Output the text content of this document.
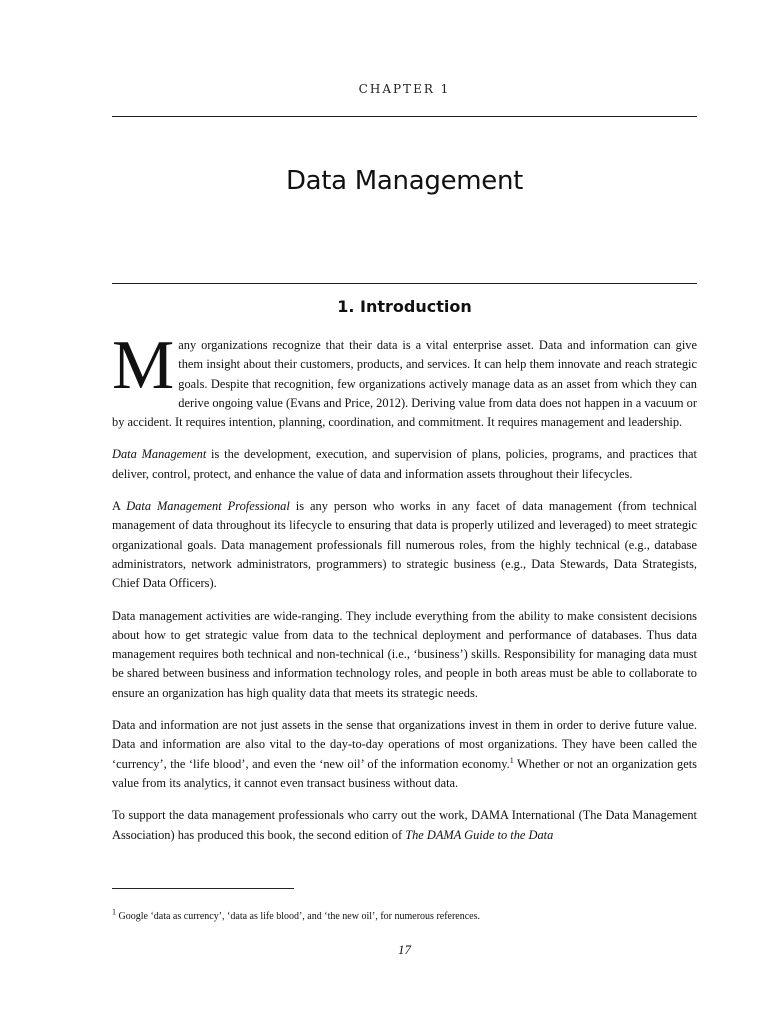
CHAPTER 1
Data Management
1. Introduction

Many organizations recognize that their data is a vital enterprise asset. Data and information can give them insight about their customers, products, and services. It can help them innovate and reach strategic goals. Despite that recognition, few organizations actively manage data as an asset from which they can derive ongoing value (Evans and Price, 2012). Deriving value from data does not happen in a vacuum or by accident. It requires intention, planning, coordination, and commitment. It requires management and leadership.

Data Management is the development, execution, and supervision of plans, policies, programs, and practices that deliver, control, protect, and enhance the value of data and information assets throughout their lifecycles.

A Data Management Professional is any person who works in any facet of data management (from technical management of data throughout its lifecycle to ensuring that data is properly utilized and leveraged) to meet strategic organizational goals. Data management professionals fill numerous roles, from the highly technical (e.g., database administrators, network administrators, programmers) to strategic business (e.g., Data Stewards, Data Strategists, Chief Data Officers).

Data management activities are wide-ranging. They include everything from the ability to make consistent decisions about how to get strategic value from data to the technical deployment and performance of databases. Thus data management requires both technical and non-technical (i.e., ‘business’) skills. Responsibility for managing data must be shared between business and information technology roles, and people in both areas must be able to collaborate to ensure an organization has high quality data that meets its strategic needs.

Data and information are not just assets in the sense that organizations invest in them in order to derive future value. Data and information are also vital to the day-to-day operations of most organizations. They have been called the ‘currency’, the ‘life blood’, and even the ‘new oil’ of the information economy.$^1$ Whether or not an organization gets value from its analytics, it cannot even transact business without data.

To support the data management professionals who carry out the work, DAMA International (The Data Management Association) has produced this book, the second edition of The DAMA Guide to the Data

$^1$ Google ‘data as currency’, ‘data as life blood’, and ‘the new oil’, for numerous references.
17
